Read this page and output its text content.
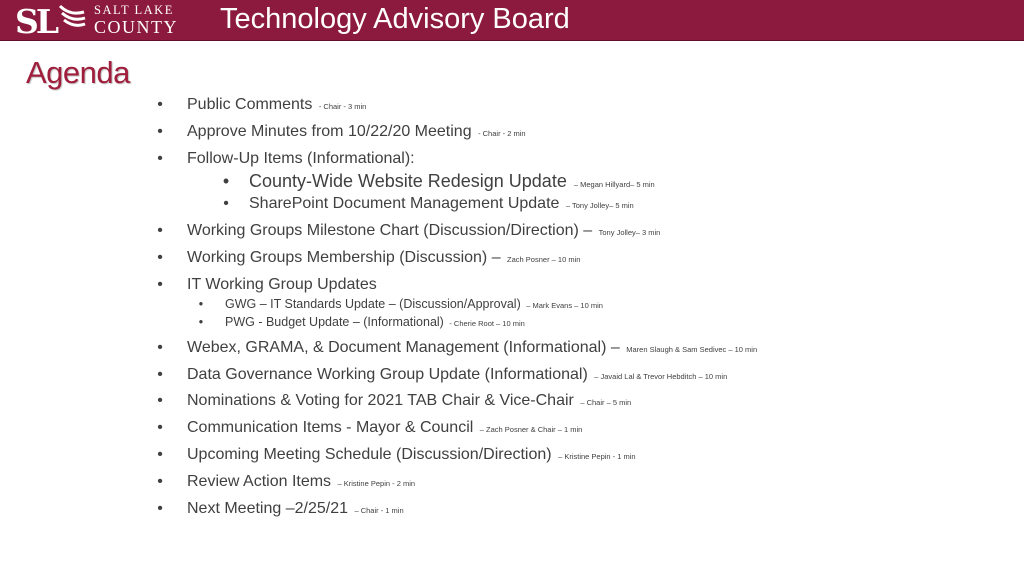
SL	SALT LAKE
COUNTY	Technology Advisory Board
Agenda
• Public Comments - Chair - 3 min
• Approve Minutes from 10/22/20 Meeting - Chair - 2 min
• Follow-Up Items (Informational):
• County-Wide Website Redesign Update – Megan Hillyard– 5 min
• SharePoint Document Management Update – Tony Jolley– 5 min
• Working Groups Milestone Chart (Discussion/Direction) – Tony Jolley– 3 min
• Working Groups Membership (Discussion) – Zach Posner – 10 min
• IT Working Group Updates
• GWG – IT Standards Update – (Discussion/Approval) – Mark Evans – 10 min
• PWG - Budget Update – (Informational) - Cherie Root – 10 min
• Webex, GRAMA, & Document Management (Informational) – Maren Slaugh & Sam Sedivec – 10 min
• Data Governance Working Group Update (Informational) – Javaid Lal & Trevor Hebditch – 10 min
• Nominations & Voting for 2021 TAB Chair & Vice-Chair – Chair – 5 min
• Communication Items - Mayor & Council – Zach Posner & Chair – 1 min
• Upcoming Meeting Schedule (Discussion/Direction) – Kristine Pepin - 1 min
• Review Action Items – Kristine Pepin - 2 min
• Next Meeting –2/25/21 – Chair - 1 min
